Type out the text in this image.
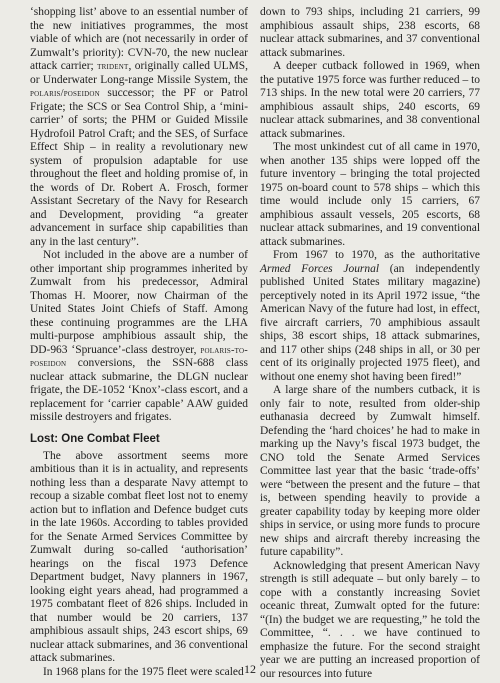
‘shopping list’ above to an essential number of the new initiatives programmes, the most viable of which are (not necessarily in order of Zumwalt’s priority): CVN-70, the new nuclear attack carrier; trident, originally called ULMS, or Underwater Long-range Missile System, the polaris/poseidon successor; the PF or Patrol Frigate; the SCS or Sea Control Ship, a ‘mini-carrier’ of sorts; the PHM or Guided Missile Hydrofoil Patrol Craft; and the SES, of Surface Effect Ship – in reality a revolutionary new system of propulsion adaptable for use throughout the fleet and holding promise of, in the words of Dr. Robert A. Frosch, former Assistant Secretary of the Navy for Research and Development, providing “a greater advancement in surface ship capabilities than any in the last century”.

Not included in the above are a number of other important ship programmes inherited by Zumwalt from his predecessor, Admiral Thomas H. Moorer, now Chairman of the United States Joint Chiefs of Staff. Among these continuing programmes are the LHA multi-purpose amphibious assault ship, the DD-963 ‘Spruance’-class destroyer, polaris-to-poseidon conversions, the SSN-688 class nuclear attack submarine, the DLGN nuclear frigate, the DE-1052 ‘Knox’-class escort, and a replacement for ‘carrier capable’ AAW guided missile destroyers and frigates.

Lost: One Combat Fleet

The above assortment seems more ambitious than it is in actuality, and represents nothing less than a desparate Navy attempt to recoup a sizable combat fleet lost not to enemy action but to inflation and Defence budget cuts in the late 1960s. According to tables provided for the Senate Armed Services Committee by Zumwalt during so-called ‘authorisation’ hearings on the fiscal 1973 Defence Department budget, Navy planners in 1967, looking eight years ahead, had programmed a 1975 combatant fleet of 826 ships. Included in that number would be 20 carriers, 137 amphibious assault ships, 243 escort ships, 69 nuclear attack submarines, and 36 conventional attack submarines.

In 1968 plans for the 1975 fleet were scaled

down to 793 ships, including 21 carriers, 99 amphibious assault ships, 238 escorts, 68 nuclear attack submarines, and 37 conventional attack submarines.

A deeper cutback followed in 1969, when the putative 1975 force was further reduced – to 713 ships. In the new total were 20 carriers, 77 amphibious assault ships, 240 escorts, 69 nuclear attack submarines, and 38 conventional attack submarines.

The most unkindest cut of all came in 1970, when another 135 ships were lopped off the future inventory – bringing the total projected 1975 on-board count to 578 ships – which this time would include only 15 carriers, 67 amphibious assault vessels, 205 escorts, 68 nuclear attack submarines, and 19 conventional attack submarines.

From 1967 to 1970, as the authoritative Armed Forces Journal (an independently published United States military magazine) perceptively noted in its April 1972 issue, “the American Navy of the future had lost, in effect, five aircraft carriers, 70 amphibious assault ships, 38 escort ships, 18 attack submarines, and 117 other ships (248 ships in all, or 30 per cent of its originally projected 1975 fleet), and without one enemy shot having been fired!”

A large share of the numbers cutback, it is only fair to note, resulted from older-ship euthanasia decreed by Zumwalt himself. Defending the ‘hard choices’ he had to make in marking up the Navy’s fiscal 1973 budget, the CNO told the Senate Armed Services Committee last year that the basic ‘trade-offs’ were “between the present and the future – that is, between spending heavily to provide a greater capability today by keeping more older ships in service, or using more funds to procure new ships and aircraft thereby increasing the future capability”.

Acknowledging that present American Navy strength is still adequate – but only barely – to cope with a constantly increasing Soviet oceanic threat, Zumwalt opted for the future: “(In) the budget we are requesting,” he told the Committee, “. . . we have continued to emphasize the future. For the second straight year we are putting an increased proportion of our resources into future

12
